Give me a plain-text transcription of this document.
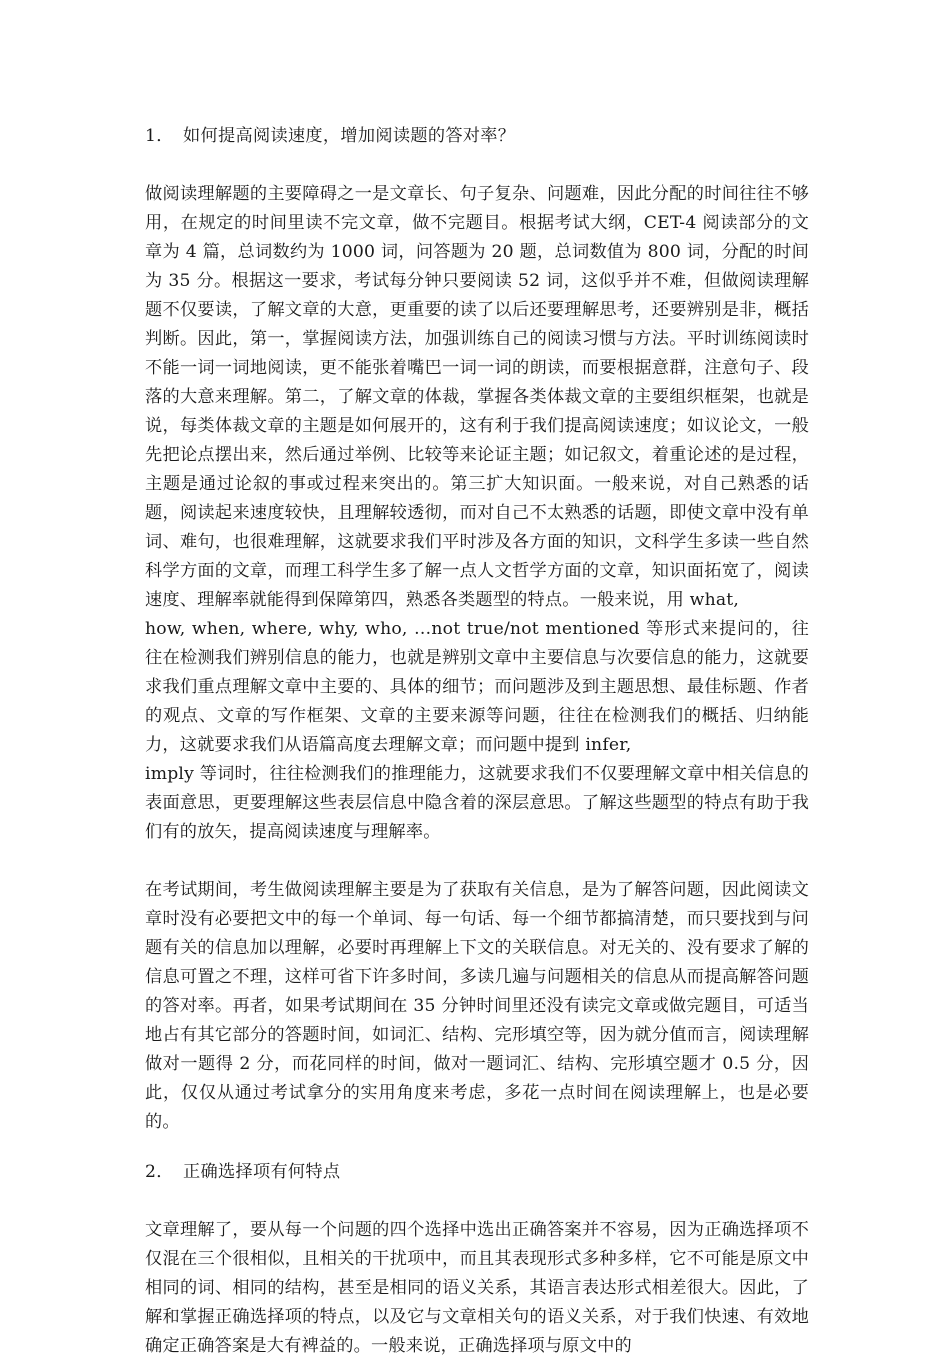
1． 如何提高阅读速度，增加阅读题的答对率？

做阅读理解题的主要障碍之一是文章长、句子复杂、问题难，因此分配的时间往往不够用，在规定的时间里读不完文章，做不完题目。根据考试大纲，CET-4 阅读部分的文章为 4 篇，总词数约为 1000 词，问答题为 20 题，总词数值为 800 词，分配的时间为 35 分。根据这一要求，考试每分钟只要阅读 52 词，这似乎并不难，但做阅读理解题不仅要读，了解文章的大意，更重要的读了以后还要理解思考，还要辨别是非，概括判断。因此，第一，掌握阅读方法，加强训练自己的阅读习惯与方法。平时训练阅读时不能一词一词地阅读，更不能张着嘴巴一词一词的朗读，而要根据意群，注意句子、段落的大意来理解。第二，了解文章的体裁，掌握各类体裁文章的主要组织框架，也就是说，每类体裁文章的主题是如何展开的，这有利于我们提高阅读速度；如议论文，一般先把论点摆出来，然后通过举例、比较等来论证主题；如记叙文，着重论述的是过程，主题是通过论叙的事或过程来突出的。第三扩大知识面。一般来说，对自己熟悉的话题，阅读起来速度较快，且理解较透彻，而对自己不太熟悉的话题，即使文章中没有单词、难句，也很难理解，这就要求我们平时涉及各方面的知识，文科学生多读一些自然科学方面的文章，而理工科学生多了解一点人文哲学方面的文章，知识面拓宽了，阅读速度、理解率就能得到保障第四，熟悉各类题型的特点。一般来说，用 what,
how, when, where, why, who, …not true/not mentioned 等形式来提问的，往往在检测我们辨别信息的能力，也就是辨别文章中主要信息与次要信息的能力，这就要求我们重点理解文章中主要的、具体的细节；而问题涉及到主题思想、最佳标题、作者的观点、文章的写作框架、文章的主要来源等问题，往往在检测我们的概括、归纳能力，这就要求我们从语篇高度去理解文章；而问题中提到 infer,
imply 等词时，往往检测我们的推理能力，这就要求我们不仅要理解文章中相关信息的表面意思，更要理解这些表层信息中隐含着的深层意思。了解这些题型的特点有助于我们有的放矢，提高阅读速度与理解率。

在考试期间，考生做阅读理解主要是为了获取有关信息，是为了解答问题，因此阅读文章时没有必要把文中的每一个单词、每一句话、每一个细节都搞清楚，而只要找到与问题有关的信息加以理解，必要时再理解上下文的关联信息。对无关的、没有要求了解的信息可置之不理，这样可省下许多时间，多读几遍与问题相关的信息从而提高解答问题的答对率。再者，如果考试期间在 35 分钟时间里还没有读完文章或做完题目，可适当地占有其它部分的答题时间，如词汇、结构、完形填空等，因为就分值而言，阅读理解做对一题得 2 分，而花同样的时间，做对一题词汇、结构、完形填空题才 0.5 分，因此，仅仅从通过考试拿分的实用角度来考虑，多花一点时间在阅读理解上，也是必要的。

2． 正确选择项有何特点

文章理解了，要从每一个问题的四个选择中选出正确答案并不容易，因为正确选择项不仅混在三个很相似，且相关的干扰项中，而且其表现形式多种多样，它不可能是原文中相同的词、相同的结构，甚至是相同的语义关系，其语言表达形式相差很大。因此，了解和掌握正确选择项的特点，以及它与文章相关句的语义关系，对于我们快速、有效地确定正确答案是大有裨益的。一般来说，正确选择项与原文中的
